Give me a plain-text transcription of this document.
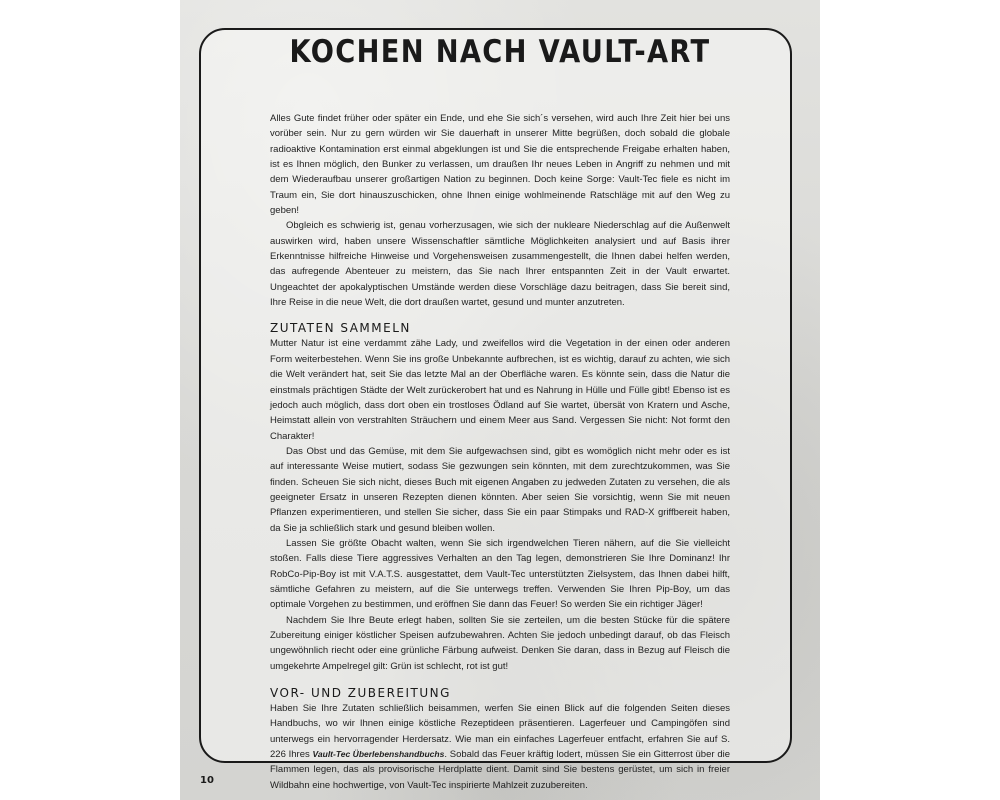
KOCHEN NACH VAULT-ART

Alles Gute findet früher oder später ein Ende, und ehe Sie sich´s versehen, wird auch Ihre Zeit hier bei uns vorüber sein. Nur zu gern würden wir Sie dauerhaft in unserer Mitte begrüßen, doch sobald die globale radioaktive Kontamination erst einmal abgeklungen ist und Sie die entsprechende Freigabe erhalten haben, ist es Ihnen möglich, den Bunker zu verlassen, um draußen Ihr neues Leben in Angriff zu nehmen und mit dem Wiederaufbau unserer großartigen Nation zu beginnen. Doch keine Sorge: Vault-Tec fiele es nicht im Traum ein, Sie dort hinauszuschicken, ohne Ihnen einige wohlmeinende Ratschläge mit auf den Weg zu geben!

Obgleich es schwierig ist, genau vorherzusagen, wie sich der nukleare Niederschlag auf die Außenwelt auswirken wird, haben unsere Wissenschaftler sämtliche Möglichkeiten analysiert und auf Basis ihrer Erkenntnisse hilfreiche Hinweise und Vorgehensweisen zusammengestellt, die Ihnen dabei helfen werden, das aufregende Abenteuer zu meistern, das Sie nach Ihrer entspannten Zeit in der Vault erwartet. Ungeachtet der apokalyptischen Umstände werden diese Vorschläge dazu beitragen, dass Sie bereit sind, Ihre Reise in die neue Welt, die dort draußen wartet, gesund und munter anzutreten.

ZUTATEN SAMMELN

Mutter Natur ist eine verdammt zähe Lady, und zweifellos wird die Vegetation in der einen oder anderen Form weiterbestehen. Wenn Sie ins große Unbekannte aufbrechen, ist es wichtig, darauf zu achten, wie sich die Welt verändert hat, seit Sie das letzte Mal an der Oberfläche waren. Es könnte sein, dass die Natur die einstmals prächtigen Städte der Welt zurückerobert hat und es Nahrung in Hülle und Fülle gibt! Ebenso ist es jedoch auch möglich, dass dort oben ein trostloses Ödland auf Sie wartet, übersät von Kratern und Asche, Heimstatt allein von verstrahlten Sträuchern und einem Meer aus Sand. Vergessen Sie nicht: Not formt den Charakter!

Das Obst und das Gemüse, mit dem Sie aufgewachsen sind, gibt es womöglich nicht mehr oder es ist auf interessante Weise mutiert, sodass Sie gezwungen sein könnten, mit dem zurechtzukommen, was Sie finden. Scheuen Sie sich nicht, dieses Buch mit eigenen Angaben zu jedweden Zutaten zu versehen, die als geeigneter Ersatz in unseren Rezepten dienen könnten. Aber seien Sie vorsichtig, wenn Sie mit neuen Pflanzen experimentieren, und stellen Sie sicher, dass Sie ein paar Stimpaks und RAD-X griffbereit haben, da Sie ja schließlich stark und gesund bleiben wollen.

Lassen Sie größte Obacht walten, wenn Sie sich irgendwelchen Tieren nähern, auf die Sie vielleicht stoßen. Falls diese Tiere aggressives Verhalten an den Tag legen, demonstrieren Sie Ihre Dominanz! Ihr RobCo-Pip-Boy ist mit V.A.T.S. ausgestattet, dem Vault-Tec unterstützten Zielsystem, das Ihnen dabei hilft, sämtliche Gefahren zu meistern, auf die Sie unterwegs treffen. Verwenden Sie Ihren Pip-Boy, um das optimale Vorgehen zu bestimmen, und eröffnen Sie dann das Feuer! So werden Sie ein richtiger Jäger!

Nachdem Sie Ihre Beute erlegt haben, sollten Sie sie zerteilen, um die besten Stücke für die spätere Zubereitung einiger köstlicher Speisen aufzubewahren. Achten Sie jedoch unbedingt darauf, ob das Fleisch ungewöhnlich riecht oder eine grünliche Färbung aufweist. Denken Sie daran, dass in Bezug auf Fleisch die umgekehrte Ampelregel gilt: Grün ist schlecht, rot ist gut!

VOR- UND ZUBEREITUNG

Haben Sie Ihre Zutaten schließlich beisammen, werfen Sie einen Blick auf die folgenden Seiten dieses Handbuchs, wo wir Ihnen einige köstliche Rezeptideen präsentieren. Lagerfeuer und Campingöfen sind unterwegs ein hervorragender Herdersatz. Wie man ein einfaches Lagerfeuer entfacht, erfahren Sie auf S. 226 Ihres Vault-Tec Überlebenshandbuchs. Sobald das Feuer kräftig lodert, müssen Sie ein Gitterrost über die Flammen legen, das als provisorische Herdplatte dient. Damit sind Sie bestens gerüstet, um sich in freier Wildbahn eine hochwertige, von Vault-Tec inspirierte Mahlzeit zuzubereiten.

10
